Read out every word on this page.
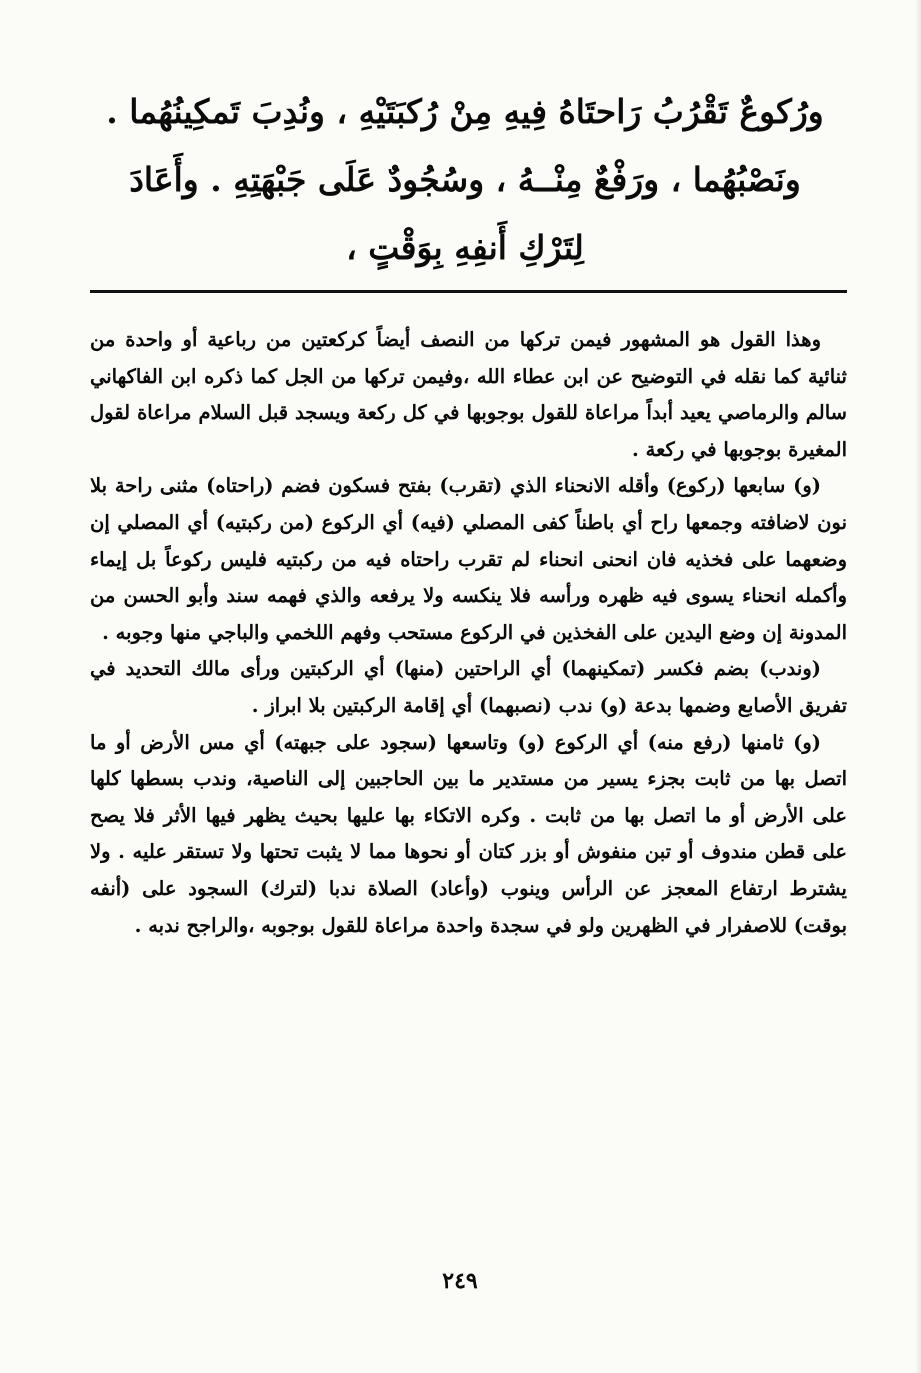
ورُكوعٌ تَقْرُبُ رَاحتَاهُ فِيهِ مِنْ رُكبَتَيْهِ ، ونُدِبَ تَمكِينُهُما .
ونَصْبُهُما ، ورَفْعٌ مِنْــهُ ، وسُجُودٌ عَلَى جَبْهَتِهِ . وأَعَادَ
لِتَرْكِ أَنفِهِ بِوَقْتٍ ،

وهذا القول هو المشهور فيمن تركها من النصف أيضاً كركعتين من رباعية أو واحدة من ثنائية كما نقله في التوضيح عن ابن عطاء الله ،وفيمن تركها من الجل كما ذكره ابن الفاكهاني سالم والرماصي يعيد أبداً مراعاة للقول بوجوبها في كل ركعة ويسجد قبل السلام مراعاة لقول المغيرة بوجوبها في ركعة .

(و) سابعها (ركوع) وأقله الانحناء الذي (تقرب) بفتح فسكون فضم (راحتاه) مثنى راحة بلا نون لاضافته وجمعها راح أي باطناً كفى المصلي (فيه) أي الركوع (من ركبتيه) أي المصلي إن وضعهما على فخذيه فان انحنى انحناء لم تقرب راحتاه فيه من ركبتيه فليس ركوعاً بل إيماء وأكمله انحناء يسوى فيه ظهره ورأسه فلا ينكسه ولا يرفعه والذي فهمه سند وأبو الحسن من المدونة إن وضع اليدين على الفخذين في الركوع مستحب وفهم اللخمي والباجي منها وجوبه .

(وندب) بضم فكسر (تمكينهما) أي الراحتين (منها) أي الركبتين ورأى مالك التحديد في تفريق الأصابع وضمها بدعة (و) ندب (نصبهما) أي إقامة الركبتين بلا ابراز .

(و) ثامنها (رفع منه) أي الركوع (و) وتاسعها (سجود على جبهته) أي مس الأرض أو ما اتصل بها من ثابت بجزء يسير من مستدير ما بين الحاجبين إلى الناصية، وندب بسطها كلها على الأرض أو ما اتصل بها من ثابت . وكره الاتكاء بها عليها بحيث يظهر فيها الأثر فلا يصح على قطن مندوف أو تبن منفوش أو بزر كتان أو نحوها مما لا يثبت تحتها ولا تستقر عليه . ولا يشترط ارتفاع المعجز عن الرأس وينوب (وأعاد) الصلاة ندبا (لترك) السجود على (أنفه بوقت) للاصفرار في الظهرين ولو في سجدة واحدة مراعاة للقول بوجوبه ،والراجح ندبه .

٢٤٩
